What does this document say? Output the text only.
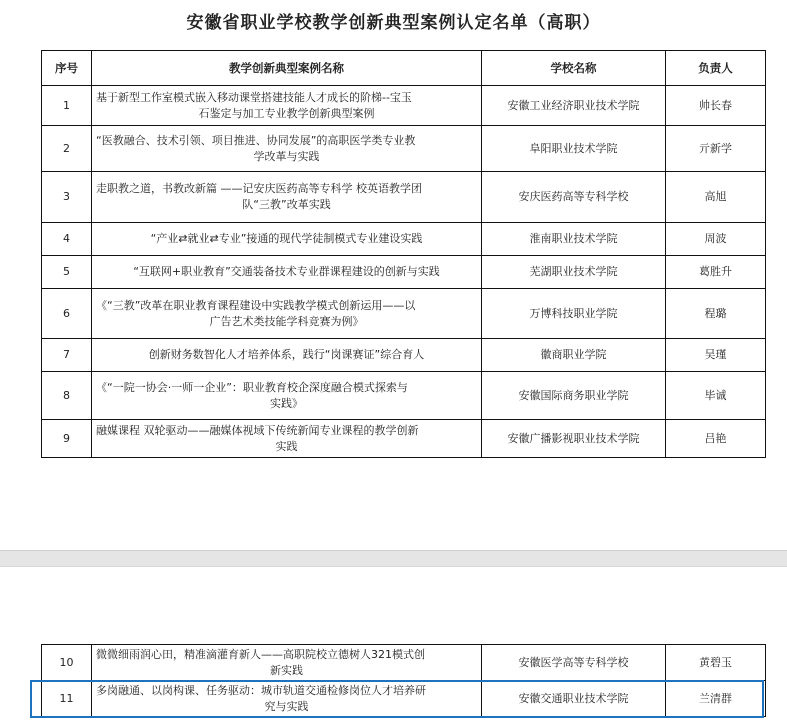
安徽省职业学校教学创新典型案例认定名单（高职）
序号	教学创新典型案例名称	学校名称	负责人
1	基于新型工作室模式嵌入移动课堂搭建技能人才成长的阶梯--宝玉
石鉴定与加工专业教学创新典型案例	安徽工业经济职业技术学院	帅长春
2	“医教融合、技术引领、项目推进、协同发展”的高职医学类专业教
学改革与实践	阜阳职业技术学院	亓新学
3	走职教之道，书教改新篇 ——记安庆医药高等专科学 校英语教学团
队“三教”改革实践	安庆医药高等专科学校	高旭
4	“产业⇄就业⇄专业”接通的现代学徒制模式专业建设实践	淮南职业技术学院	周波
5	“互联网+职业教育”交通装备技术专业群课程建设的创新与实践	芜湖职业技术学院	葛胜升
6	《“三教”改革在职业教育课程建设中实践教学模式创新运用——以
广告艺术类技能学科竞赛为例》	万博科技职业学院	程璐
7	创新财务数智化人才培养体系，践行“岗课赛证”综合育人	徽商职业学院	吴瑾
8	《“一院一协会·一师一企业”：职业教育校企深度融合模式探索与
实践》	安徽国际商务职业学院	毕诚
9	融媒课程 双轮驱动——融媒体视域下传统新闻专业课程的教学创新
实践	安徽广播影视职业技术学院	吕艳
10	微微细雨润心田，精准滴灌育新人——高职院校立德树人321模式创
新实践	安徽医学高等专科学校	黄碧玉
11	多岗融通、以岗构课、任务驱动：城市轨道交通检修岗位人才培养研
究与实践	安徽交通职业技术学院	兰清群
